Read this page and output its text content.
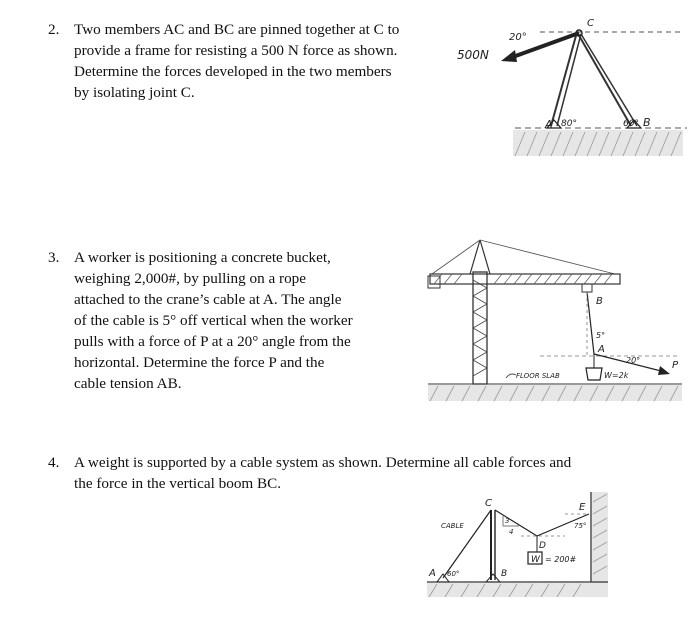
2. Two members AC and BC are pinned together at C to
provide a frame for resisting a 500 N force as shown.
Determine the forces developed in the two members
by isolating joint C.
500N
20°
C
A 80°	60° B
3. A worker is positioning a concrete bucket,
weighing 2,000#, by pulling on a rope
attached to the crane’s cable at A. The angle
of the cable is 5° off vertical when the worker
pulls with a force of P at a 20° angle from the
horizontal. Determine the force P and the
cable tension AB.
B
5°
A
20°
FLOOR SLAB	W=2k
P
4. A weight is supported by a cable system as shown. Determine all cable forces and
the force in the vertical boom BC.
CABLE
C
3
4
D
E
75°
A 60°	B
W = 200#
